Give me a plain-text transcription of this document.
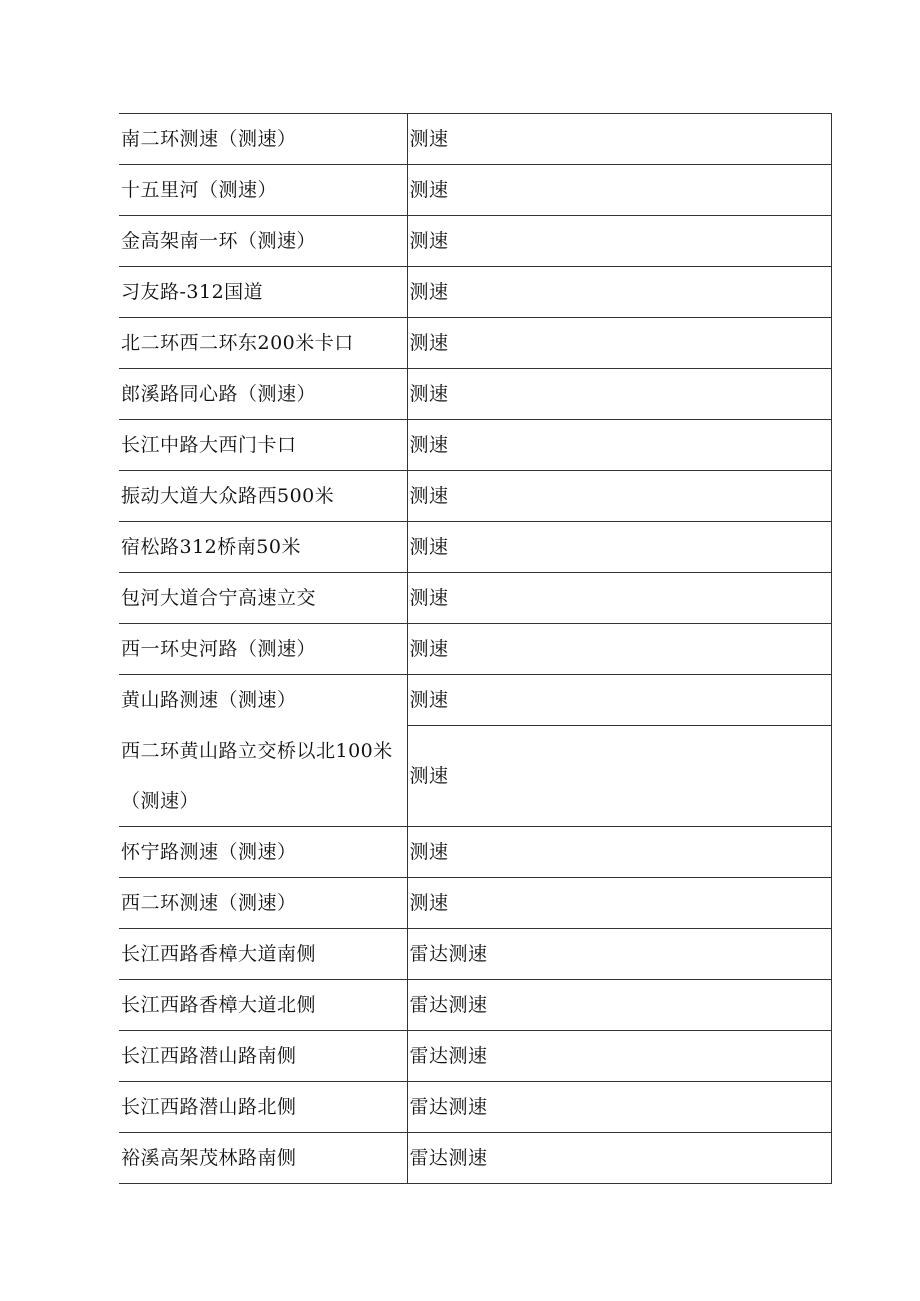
南二环测速（测速）	测速
十五里河（测速）	测速
金高架南一环（测速）	测速
习友路-312国道	测速
北二环西二环东200米卡口	测速
郎溪路同心路（测速）	测速
长江中路大西门卡口	测速
振动大道大众路西500米	测速
宿松路312桥南50米	测速
包河大道合宁高速立交	测速
西一环史河路（测速）	测速
黄山路测速（测速）	测速
西二环黄山路立交桥以北100米（测速）	测速
怀宁路测速（测速）	测速
西二环测速（测速）	测速
长江西路香樟大道南侧	雷达测速
长江西路香樟大道北侧	雷达测速
长江西路潜山路南侧	雷达测速
长江西路潜山路北侧	雷达测速
裕溪高架茂林路南侧	雷达测速
